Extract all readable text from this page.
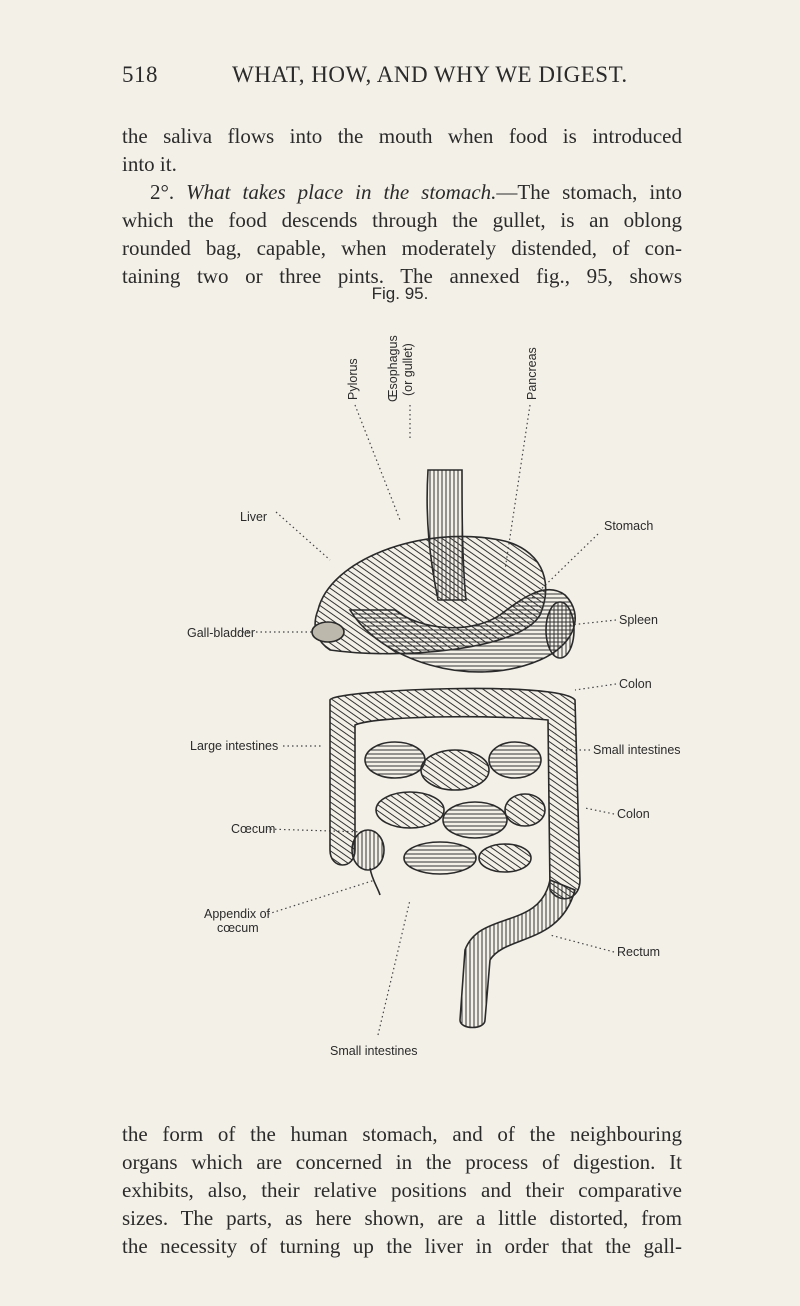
518	WHAT, HOW, AND WHY WE DIGEST.
the saliva flows into the mouth when food is introduced
into it.
2°. What takes place in the stomach.—The stomach, into
which the food descends through the gullet, is an oblong
rounded bag, capable, when moderately distended, of con-
taining two or three pints. The annexed fig., 95, shows
Fig. 95.
Pylorus Œsophagus (or gullet)	Pancreas
Liver
Stomach
Gall-bladder
Spleen
Colon
Large intestines	Small intestines
Colon
Cœcum
Appendix of
cœcum
Rectum
Small intestines
the form of the human stomach, and of the neighbouring
organs which are concerned in the process of digestion. It
exhibits, also, their relative positions and their comparative
sizes. The parts, as here shown, are a little distorted, from
the necessity of turning up the liver in order that the gall-
